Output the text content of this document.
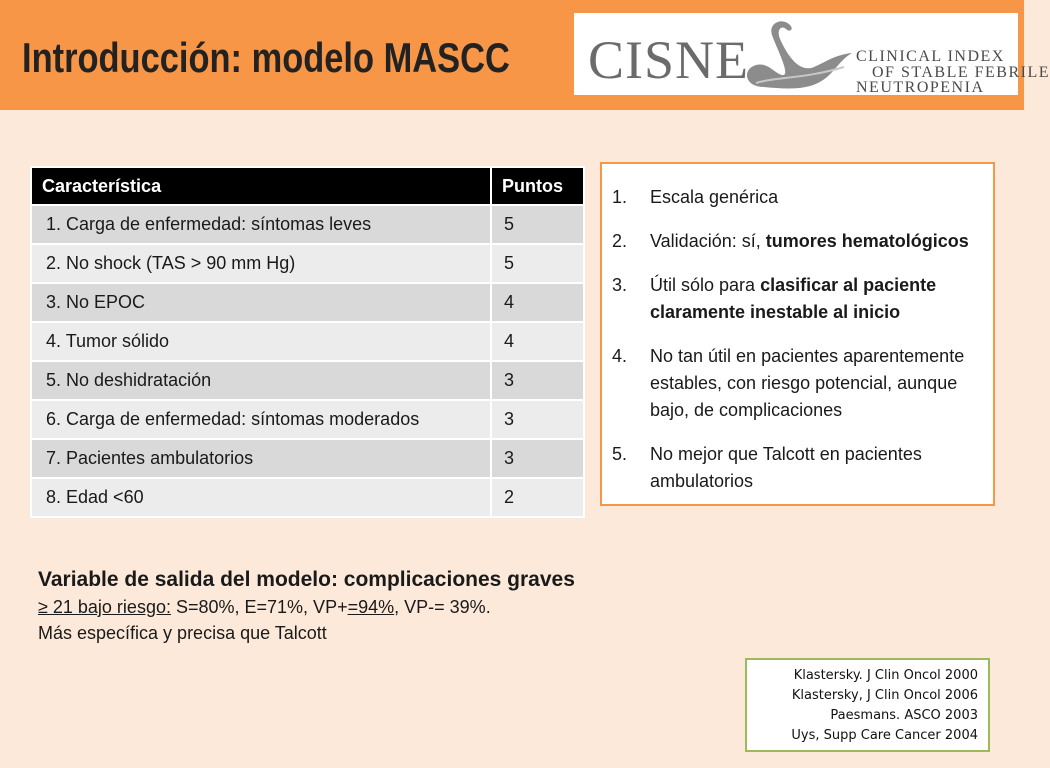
Introducción: modelo MASCC CISNE	CLINICAL INDEX
OF STABLE FEBRILE
NEUTROPENIA
Característica	Puntos
1. Carga de enfermedad: síntomas leves	5
2. No shock (TAS > 90 mm Hg)	5
3. No EPOC	4
4. Tumor sólido	4
5. No deshidratación	3
6. Carga de enfermedad: síntomas moderados	3
7. Pacientes ambulatorios	3
8. Edad <60	2
1. Escala genérica
2. Validación: sí, tumores hematológicos
3. Útil sólo para clasificar al paciente claramente inestable al inicio
4. No tan útil en pacientes aparentemente estables, con riesgo potencial, aunque bajo, de complicaciones
5. No mejor que Talcott en pacientes ambulatorios
Variable de salida del modelo: complicaciones graves
≥ 21 bajo riesgo: S=80%, E=71%, VP+=94%, VP-= 39%.
Más específica y precisa que Talcott
Klastersky. J Clin Oncol 2000
Klastersky, J Clin Oncol 2006
Paesmans. ASCO 2003
Uys, Supp Care Cancer 2004
